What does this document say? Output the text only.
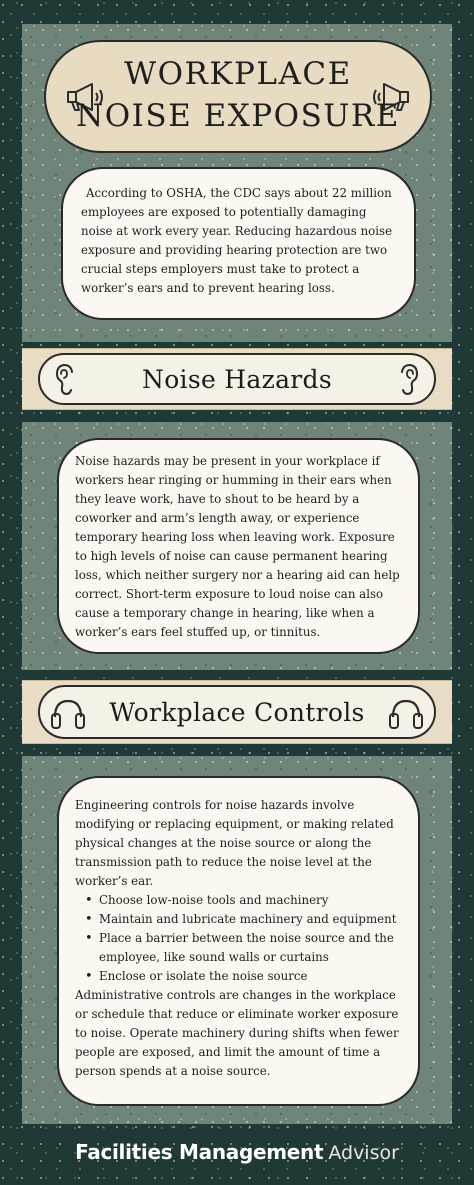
WORKPLACE
NOISE EXPOSURE

According to OSHA, the CDC says about 22 million employees are exposed to potentially damaging noise at work every year. Reducing hazardous noise exposure and providing hearing protection are two crucial steps employers must take to protect a worker’s ears and to prevent hearing loss.

Noise Hazards

Noise hazards may be present in your workplace if workers hear ringing or humming in their ears when they leave work, have to shout to be heard by a coworker and arm’s length away, or experience temporary hearing loss when leaving work. Exposure to high levels of noise can cause permanent hearing loss, which neither surgery nor a hearing aid can help correct. Short-term exposure to loud noise can also cause a temporary change in hearing, like when a worker’s ears feel stuffed up, or tinnitus.

Workplace Controls

Engineering controls for noise hazards involve modifying or replacing equipment, or making related physical changes at the noise source or along the transmission path to reduce the noise level at the worker’s ear.

• Choose low-noise tools and machinery
• Maintain and lubricate machinery and equipment
• Place a barrier between the noise source and the employee, like sound walls or curtains
• Enclose or isolate the noise source

Administrative controls are changes in the workplace or schedule that reduce or eliminate worker exposure to noise. Operate machinery during shifts when fewer people are exposed, and limit the amount of time a person spends at a noise source.

Facilities Management Advisor
